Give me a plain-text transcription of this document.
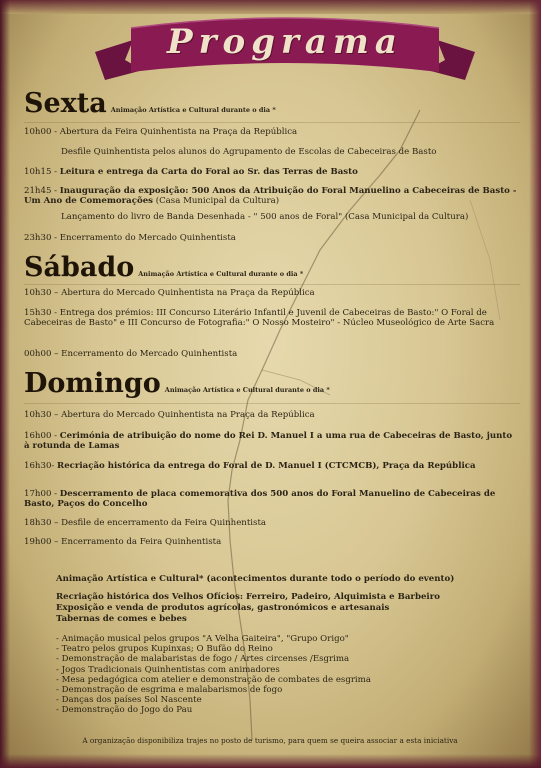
Programa
Sexta Animação Artística e Cultural durante o dia *
10h00 - Abertura da Feira Quinhentista na Praça da República
Desfile Quinhentista pelos alunos do Agrupamento de Escolas de Cabeceiras de Basto
10h15 - Leitura e entrega da Carta do Foral ao Sr. das Terras de Basto
21h45 - Inauguração da exposição: 500 Anos da Atribuição do Foral Manuelino a Cabeceiras de Basto - Um Ano de Comemorações (Casa Municipal da Cultura)
Lançamento do livro de Banda Desenhada - " 500 anos de Foral" (Casa Municipal da Cultura)
23h30 - Encerramento do Mercado Quinhentista
Sábado Animação Artística e Cultural durante o dia *
10h30 – Abertura do Mercado Quinhentista na Praça da República
15h30 - Entrega dos prémios: III Concurso Literário Infantil e Juvenil de Cabeceiras de Basto:" O Foral de Cabeceiras de Basto" e III Concurso de Fotografia:" O Nosso Mosteiro" - Núcleo Museológico de Arte Sacra
00h00 – Encerramento do Mercado Quinhentista
Domingo Animação Artística e Cultural durante o dia *
10h30 – Abertura do Mercado Quinhentista na Praça da República
16h00 - Cerimónia de atribuição do nome do Rei D. Manuel I a uma rua de Cabeceiras de Basto, junto à rotunda de Lamas
16h30- Recriação histórica da entrega do Foral de D. Manuel I (CTCMCB), Praça da República
17h00 - Descerramento de placa comemorativa dos 500 anos do Foral Manuelino de Cabeceiras de Basto, Paços do Concelho
18h30 – Desfile de encerramento da Feira Quinhentista
19h00 – Encerramento da Feira Quinhentista
Animação Artística e Cultural* (acontecimentos durante todo o período do evento)
Recriação histórica dos Velhos Ofícios: Ferreiro, Padeiro, Alquimista e Barbeiro
Exposição e venda de produtos agrícolas, gastronómicos e artesanais
Tabernas de comes e bebes
- Animação musical pelos grupos "A Velha Gaiteira", "Grupo Origo"
- Teatro pelos grupos Kupinxas; O Bufão do Reino
- Demonstração de malabaristas de fogo / Artes circenses /Esgrima
- Jogos Tradicionais Quinhentistas com animadores
- Mesa pedagógica com atelier e demonstração de combates de esgrima
- Demonstração de esgrima e malabarismos de fogo
- Danças dos países Sol Nascente
- Demonstração do Jogo do Pau
A organização disponibiliza trajes no posto de turismo, para quem se queira associar a esta iniciativa
